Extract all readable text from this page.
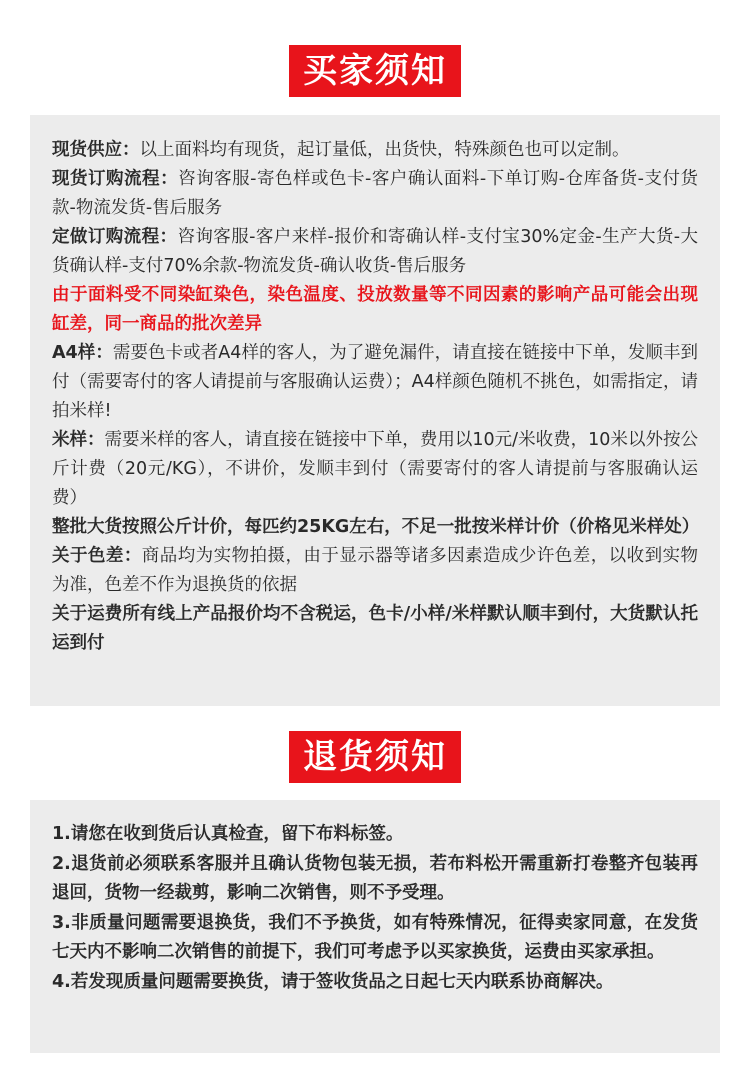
买家须知

现货供应：以上面料均有现货，起订量低，出货快，特殊颜色也可以定制。

现货订购流程：咨询客服-寄色样或色卡-客户确认面料-下单订购-仓库备货-支付货款-物流发货-售后服务

定做订购流程：咨询客服-客户来样-报价和寄确认样-支付宝30%定金-生产大货-大货确认样-支付70%余款-物流发货-确认收货-售后服务

由于面料受不同染缸染色，染色温度、投放数量等不同因素的影响产品可能会出现缸差，同一商品的批次差异

A4样：需要色卡或者A4样的客人，为了避免漏件，请直接在链接中下单，发顺丰到付（需要寄付的客人请提前与客服确认运费）；A4样颜色随机不挑色，如需指定，请拍米样!

米样：需要米样的客人，请直接在链接中下单，费用以10元/米收费，10米以外按公斤计费（20元/KG），不讲价，发顺丰到付（需要寄付的客人请提前与客服确认运费）

整批大货按照公斤计价，每匹约25KG左右，不足一批按米样计价（价格见米样处）

关于色差：商品均为实物拍摄，由于显示器等诸多因素造成少许色差，以收到实物为准，色差不作为退换货的依据

关于运费所有线上产品报价均不含税运，色卡/小样/米样默认顺丰到付，大货默认托运到付

退货须知

1.请您在收到货后认真检查，留下布料标签。

2.退货前必须联系客服并且确认货物包装无损，若布料松开需重新打卷整齐包装再退回，货物一经裁剪，影响二次销售，则不予受理。

3.非质量问题需要退换货，我们不予换货，如有特殊情况，征得卖家同意，在发货七天内不影响二次销售的前提下，我们可考虑予以买家换货，运费由买家承担。

4.若发现质量问题需要换货，请于签收货品之日起七天内联系协商解决。
